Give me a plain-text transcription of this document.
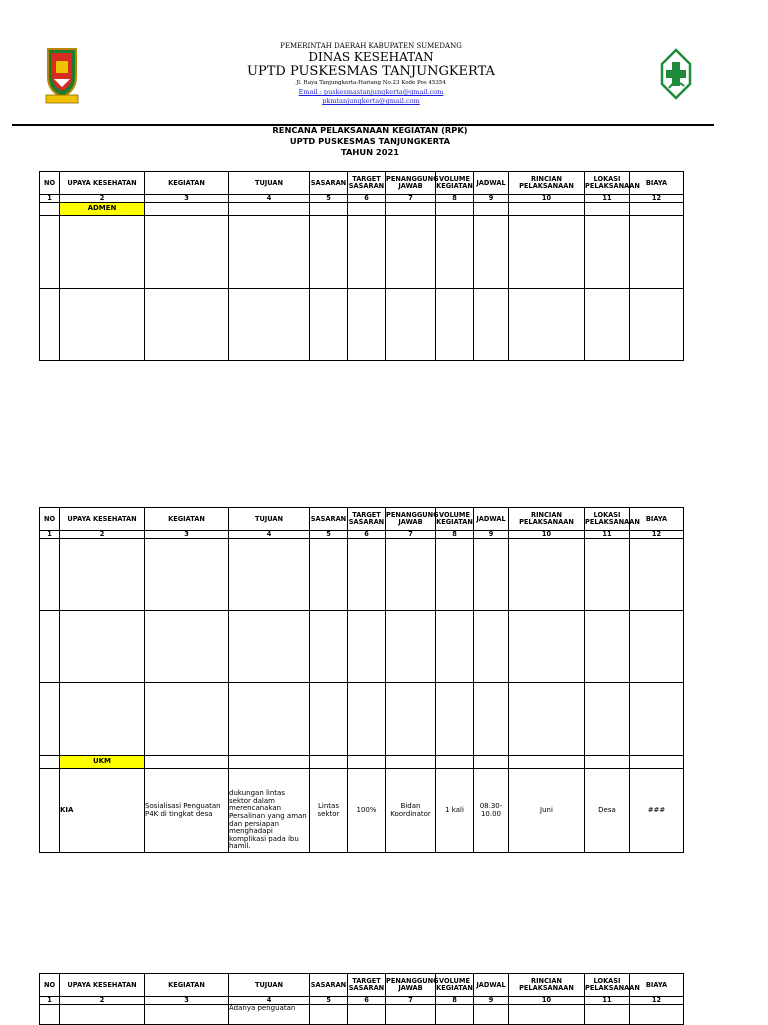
PEMERINTAH DAERAH KABUPATEN SUMEDANG
DINAS KESEHATAN
UPTD PUSKESMAS TANJUNGKERTA
Jl. Raya Tanjungkerta-Hariang No.23 Kode Pos 45354
Email : puskesmastanjungkerta@gmail.com
pkmtanjungkerta@gmail.com
RENCANA PELAKSANAAN KEGIATAN (RPK)
UPTD PUSKESMAS TANJUNGKERTA
TAHUN 2021
NO	UPAYA KESEHATAN	KEGIATAN	TUJUAN	SASARAN	TARGET SASARAN	PENANGGUNG JAWAB	VOLUME KEGIATAN	JADWAL	RINCIAN PELAKSANAAN	LOKASI PELAKSANAAN	BIAYA
1	2	3	4	5	6	7	8	9	10	11	12
	ADMEN										

NO	UPAYA KESEHATAN	KEGIATAN	TUJUAN	SASARAN	TARGET SASARAN	PENANGGUNG JAWAB	VOLUME KEGIATAN	JADWAL	RINCIAN PELAKSANAAN	LOKASI PELAKSANAAN	BIAYA
1	2	3	4	5	6	7	8	9	10	11	12

	UKM										
	KIA	Sosialisasi Penguatan P4K di tingkat desa	dukungan lintas sektor dalam merencanakan Persalinan yang aman dan persiapan menghadapi komplikasi pada ibu hamil.	Lintas sektor	100%	Bidan Koordinator	1 kali	08.30-10.00	Juni	Desa	###
NO	UPAYA KESEHATAN	KEGIATAN	TUJUAN	SASARAN	TARGET SASARAN	PENANGGUNG JAWAB	VOLUME KEGIATAN	JADWAL	RINCIAN PELAKSANAAN	LOKASI PELAKSANAAN	BIAYA
1	2	3	4	5	6	7	8	9	10	11	12
			Adanya penguatan								
